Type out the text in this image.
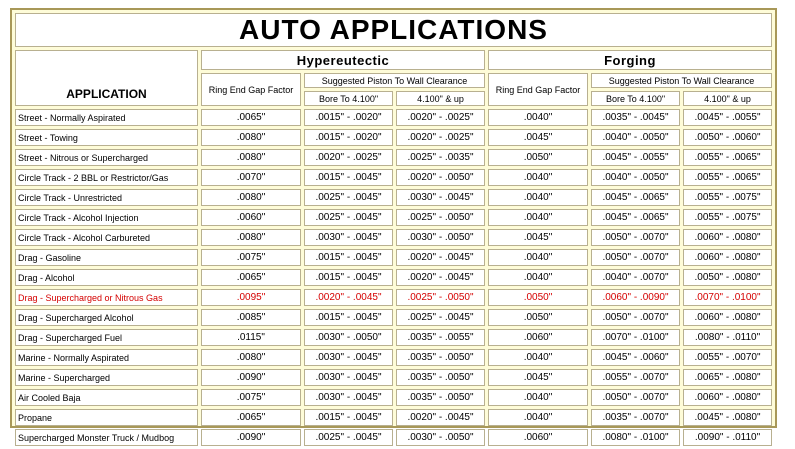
AUTO APPLICATIONS						
APPLICATION	Hypereutectic			Forging		
	Ring End Gap Factor	Suggested Piston To Wall Clearance		Ring End Gap Factor	Suggested Piston To Wall Clearance	
		Bore To 4.100"	4.100" & up		Bore To 4.100"	4.100" & up
Street - Normally Aspirated	.0065"	.0015" - .0020"	.0020" - .0025"	.0040"	.0035" - .0045"	.0045" - .0055"
Street - Towing	.0080"	.0015" - .0020"	.0020" - .0025"	.0045"	.0040" - .0050"	.0050" - .0060"
Street - Nitrous or Supercharged	.0080"	.0020" - .0025"	.0025" - .0035"	.0050"	.0045" - .0055"	.0055" - .0065"
Circle Track - 2 BBL or Restrictor/Gas	.0070"	.0015" - .0045"	.0020" - .0050"	.0040"	.0040" - .0050"	.0055" - .0065"
Circle Track - Unrestricted	.0080"	.0025" - .0045"	.0030" - .0045"	.0040"	.0045" - .0065"	.0055" - .0075"
Circle Track - Alcohol Injection	.0060"	.0025" - .0045"	.0025" - .0050"	.0040"	.0045" - .0065"	.0055" - .0075"
Circle Track - Alcohol Carbureted	.0080"	.0030" - .0045"	.0030" - .0050"	.0045"	.0050" - .0070"	.0060" - .0080"
Drag - Gasoline	.0075"	.0015" - .0045"	.0020" - .0045"	.0040"	.0050" - .0070"	.0060" - .0080"
Drag - Alcohol	.0065"	.0015" - .0045"	.0020" - .0045"	.0040"	.0040" - .0070"	.0050" - .0080"
Drag - Supercharged or Nitrous Gas	.0095"	.0020" - .0045"	.0025" - .0050"	.0050"	.0060" - .0090"	.0070" - .0100"
Drag - Supercharged Alcohol	.0085"	.0015" - .0045"	.0025" - .0045"	.0050"	.0050" - .0070"	.0060" - .0080"
Drag - Supercharged Fuel	.0115"	.0030" - .0050"	.0035" - .0055"	.0060"	.0070" - .0100"	.0080" - .0110"
Marine - Normally Aspirated	.0080"	.0030" - .0045"	.0035" - .0050"	.0040"	.0045" - .0060"	.0055" - .0070"
Marine - Supercharged	.0090"	.0030" - .0045"	.0035" - .0050"	.0045"	.0055" - .0070"	.0065" - .0080"
Air Cooled Baja	.0075"	.0030" - .0045"	.0035" - .0050"	.0040"	.0050" - .0070"	.0060" - .0080"
Propane	.0065"	.0015" - .0045"	.0020" - .0045"	.0040"	.0035" - .0070"	.0045" - .0080"
Supercharged Monster Truck / Mudbog	.0090"	.0025" - .0045"	.0030" - .0050"	.0060"	.0080" - .0100"	.0090" - .0110"
